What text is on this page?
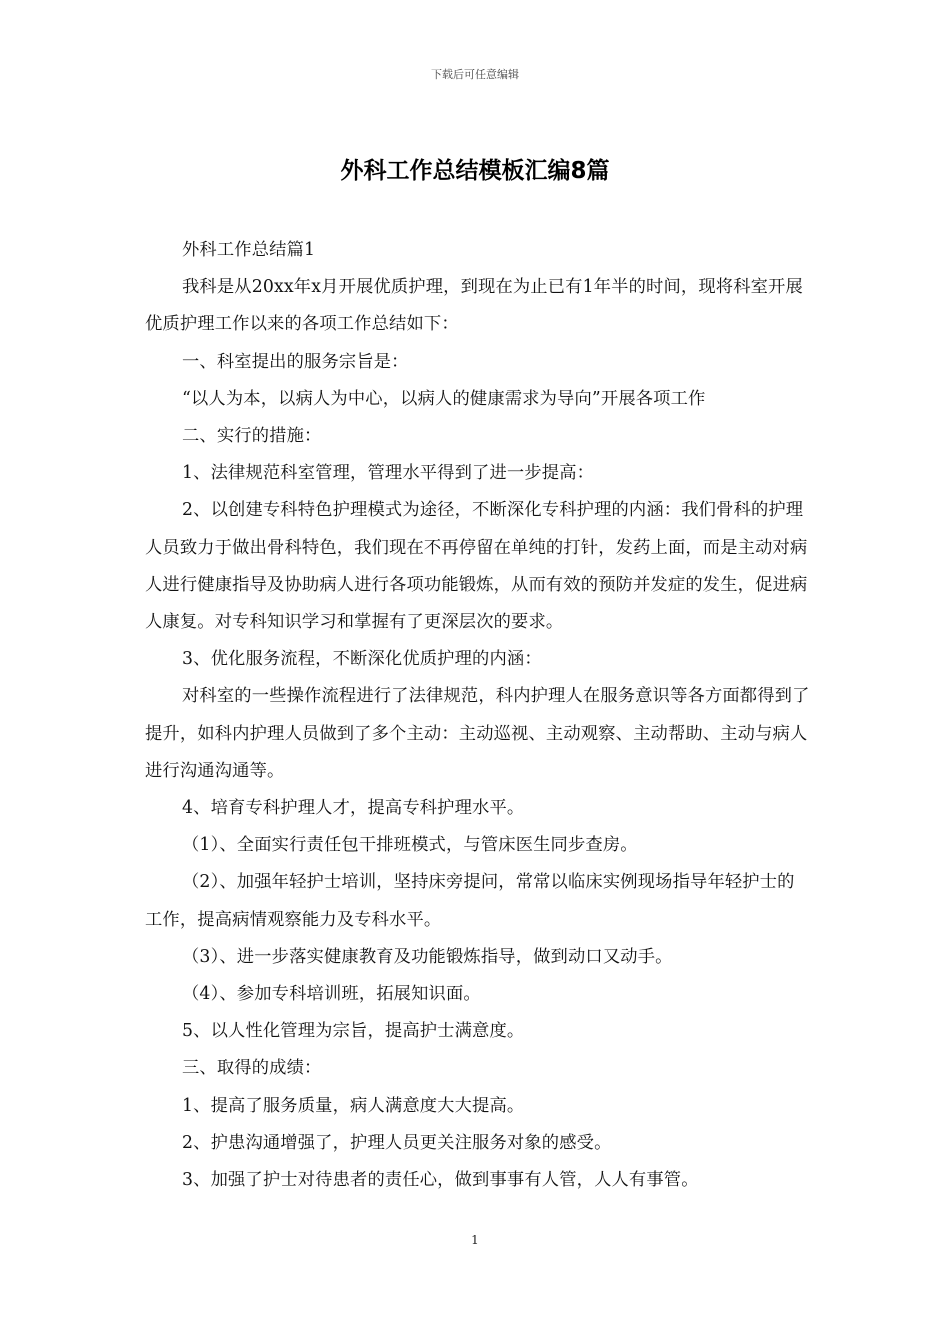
下载后可任意编辑
外科工作总结模板汇编8篇

外科工作总结篇1

我科是从20xx年x月开展优质护理，到现在为止已有1年半的时间，现将科室开展优质护理工作以来的各项工作总结如下：

一、科室提出的服务宗旨是：

“以人为本，以病人为中心，以病人的健康需求为导向”开展各项工作

二、实行的措施：

1、法律规范科室管理，管理水平得到了进一步提高：

2、以创建专科特色护理模式为途径，不断深化专科护理的内涵：我们骨科的护理人员致力于做出骨科特色，我们现在不再停留在单纯的打针，发药上面，而是主动对病人进行健康指导及协助病人进行各项功能锻炼，从而有效的预防并发症的发生，促进病人康复。对专科知识学习和掌握有了更深层次的要求。

3、优化服务流程，不断深化优质护理的内涵：

对科室的一些操作流程进行了法律规范，科内护理人在服务意识等各方面都得到了提升，如科内护理人员做到了多个主动：主动巡视、主动观察、主动帮助、主动与病人进行沟通沟通等。

4、培育专科护理人才，提高专科护理水平。

（1）、全面实行责任包干排班模式，与管床医生同步查房。

（2）、加强年轻护士培训，坚持床旁提问，常常以临床实例现场指导年轻护士的工作，提高病情观察能力及专科水平。

（3）、进一步落实健康教育及功能锻炼指导，做到动口又动手。

（4）、参加专科培训班，拓展知识面。

5、以人性化管理为宗旨，提高护士满意度。

三、取得的成绩：

1、提高了服务质量，病人满意度大大提高。

2、护患沟通增强了，护理人员更关注服务对象的感受。

3、加强了护士对待患者的责任心，做到事事有人管，人人有事管。

1
